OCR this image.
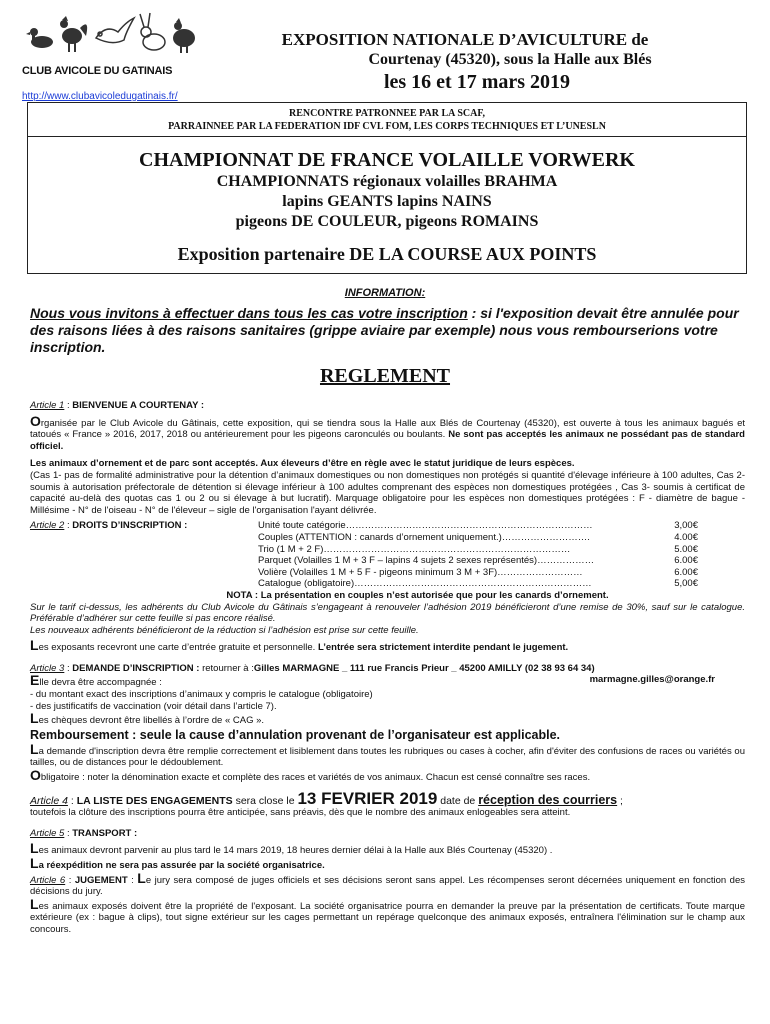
CLUB AVICOLE DU GATINAIS
http://www.clubavicoledugatinais.fr/
EXPOSITION NATIONALE D’AVICULTURE de
Courtenay (45320), sous la Halle aux Blés
les 16 et 17 mars 2019
RENCONTRE PATRONNEE PAR LA SCAF,
PARRAINNEE PAR LA FEDERATION IDF CVL FOM, LES CORPS TECHNIQUES ET L’UNESLN
CHAMPIONNAT DE FRANCE VOLAILLE VORWERK
CHAMPIONNATS régionaux volailles BRAHMA
lapins GEANTS lapins NAINS
pigeons DE COULEUR, pigeons ROMAINS
Exposition partenaire DE LA COURSE AUX POINTS
INFORMATION:
Nous vous invitons à effectuer dans tous les cas votre inscription : si l'exposition devait être annulée pour des raisons liées à des raisons sanitaires (grippe aviaire par exemple) nous vous rembourserions votre inscription.
REGLEMENT

Article 1 : BIENVENUE A COURTENAY :

Organisée par le Club Avicole du Gâtinais, cette exposition, qui se tiendra sous la Halle aux Blés de Courtenay (45320), est ouverte à tous les animaux bagués et tatoués « France » 2016, 2017, 2018 ou antérieurement pour les pigeons caronculés ou boulants. Ne sont pas acceptés les animaux ne possédant pas de standard officiel.

Les animaux d’ornement et de parc sont acceptés. Aux éleveurs d’être en règle avec le statut juridique de leurs espèces.
(Cas 1- pas de formalité administrative pour la détention d’animaux domestiques ou non domestiques non protégés si quantité d'élevage inférieure à 100 adultes, Cas 2-soumis à autorisation préfectorale de détention si élevage inférieur à 100 adultes comprenant des espèces non domestiques protégées , Cas 3- soumis à certificat de capacité au-delà des quotas cas 1 ou 2 ou si élevage à but lucratif). Marquage obligatoire pour les espèces non domestiques protégées : F - diamètre de bague - Millésime - N° de l'oiseau - N° de l'éleveur – sigle de l'organisation l'ayant délivrée.

Article 2 : DROITS D’INSCRIPTION :	Unité toute catégorie……………………………………………………………………	3,00€
Couples (ATTENTION : canards d’ornement uniquement.)……………………….	4.00€
Trio (1 M + 2 F)……………………………………………………………………	5.00€
Parquet (Volailles 1 M + 3 F – lapins 4 sujets 2 sexes représentés)………………	6.00€
Volière (Volailles 1 M + 5 F - pigeons minimum 3 M + 3F)………………………	6.00€
Catalogue (obligatoire)…………………………………………………………………	5,00€

NOTA : La présentation en couples n’est autorisée que pour les canards d’ornement.

Sur le tarif ci-dessus, les adhérents du Club Avicole du Gâtinais s’engageant à renouveler l’adhésion 2019 bénéficieront d’une remise de 30%, sauf sur le catalogue. Préférable d’adhérer sur cette feuille si pas encore réalisé.

Les nouveaux adhérents bénéficieront de la réduction si l’adhésion est prise sur cette feuille.

Les exposants recevront une carte d’entrée gratuite et personnelle. L’entrée sera strictement interdite pendant le jugement.

Article 3 : DEMANDE D’INSCRIPTION : retourner à :Gilles MARMAGNE _ 111 rue Francis Prieur _ 45200 AMILLY (02 38 93 64 34)

Elle devra être accompagnée :	marmagne.gilles@orange.fr

- du montant exact des inscriptions d’animaux y compris le catalogue (obligatoire)

- des justificatifs de vaccination (voir détail dans l’article 7).

Les chèques devront être libellés à l’ordre de « CAG ».

Remboursement : seule la cause d’annulation provenant de l’organisateur est applicable.

La demande d'inscription devra être remplie correctement et lisiblement dans toutes les rubriques ou cases à cocher, afin d'éviter des confusions de races ou variétés ou tailles, ou de distances pour le dédoublement.

Obligatoire : noter la dénomination exacte et complète des races et variétés de vos animaux. Chacun est censé connaître ses races.

Article 4 : LA LISTE DES ENGAGEMENTS sera close le 13 FEVRIER 2019 date de réception des courriers ;

toutefois la clôture des inscriptions pourra être anticipée, sans préavis, dès que le nombre des animaux enlogeables sera atteint.

Article 5 : TRANSPORT :

Les animaux devront parvenir au plus tard le 14 mars 2019, 18 heures dernier délai à la Halle aux Blés Courtenay (45320) .

La réexpédition ne sera pas assurée par la société organisatrice.

Article 6 : JUGEMENT : Le jury sera composé de juges officiels et ses décisions seront sans appel. Les récompenses seront décernées uniquement en fonction des décisions du jury.

Les animaux exposés doivent être la propriété de l'exposant. La société organisatrice pourra en demander la preuve par la présentation de certificats. Toute marque extérieure (ex : bague à clips), tout signe extérieur sur les cages permettant un repérage quelconque des animaux exposés, entraînera l'élimination sur le champ aux concours.
